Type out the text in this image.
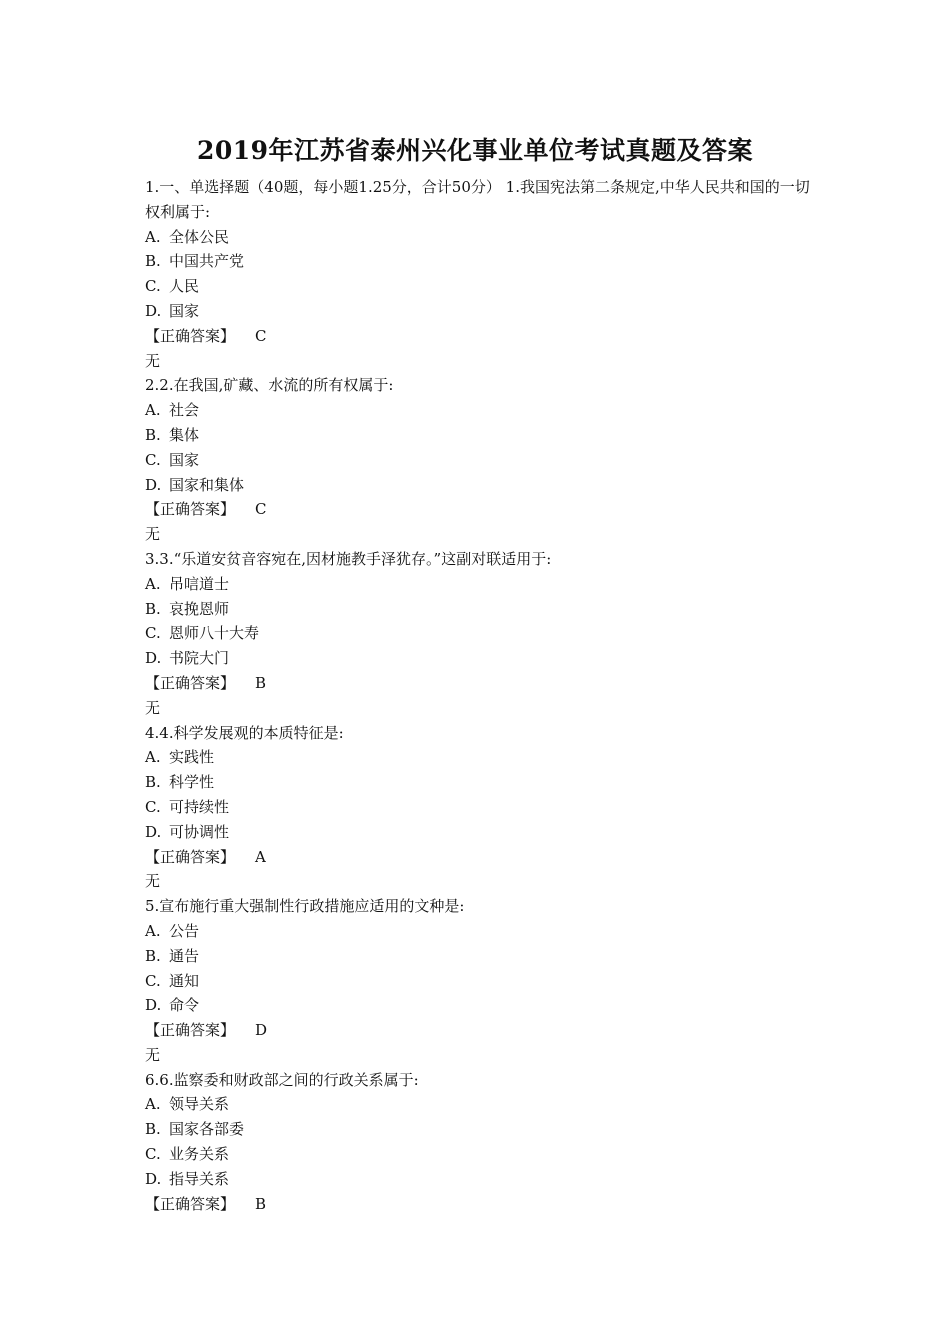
2019年江苏省泰州兴化事业单位考试真题及答案
1.一、单选择题（40题，每小题1.25分，合计50分） 1.我国宪法第二条规定,中华人民共和国的一切权利属于:
A. 全体公民
B. 中国共产党
C. 人民
D. 国家
【正确答案】 C
无
2.2.在我国,矿藏、水流的所有权属于:
A. 社会
B. 集体
C. 国家
D. 国家和集体
【正确答案】 C
无
3.3.“乐道安贫音容宛在,因材施教手泽犹存。”这副对联适用于:
A. 吊唁道士
B. 哀挽恩师
C. 恩师八十大寿
D. 书院大门
【正确答案】 B
无
4.4.科学发展观的本质特征是:
A. 实践性
B. 科学性
C. 可持续性
D. 可协调性
【正确答案】 A
无
5.宣布施行重大强制性行政措施应适用的文种是:
A. 公告
B. 通告
C. 通知
D. 命令
【正确答案】 D
无
6.6.监察委和财政部之间的行政关系属于:
A. 领导关系
B. 国家各部委
C. 业务关系
D. 指导关系
【正确答案】 B
